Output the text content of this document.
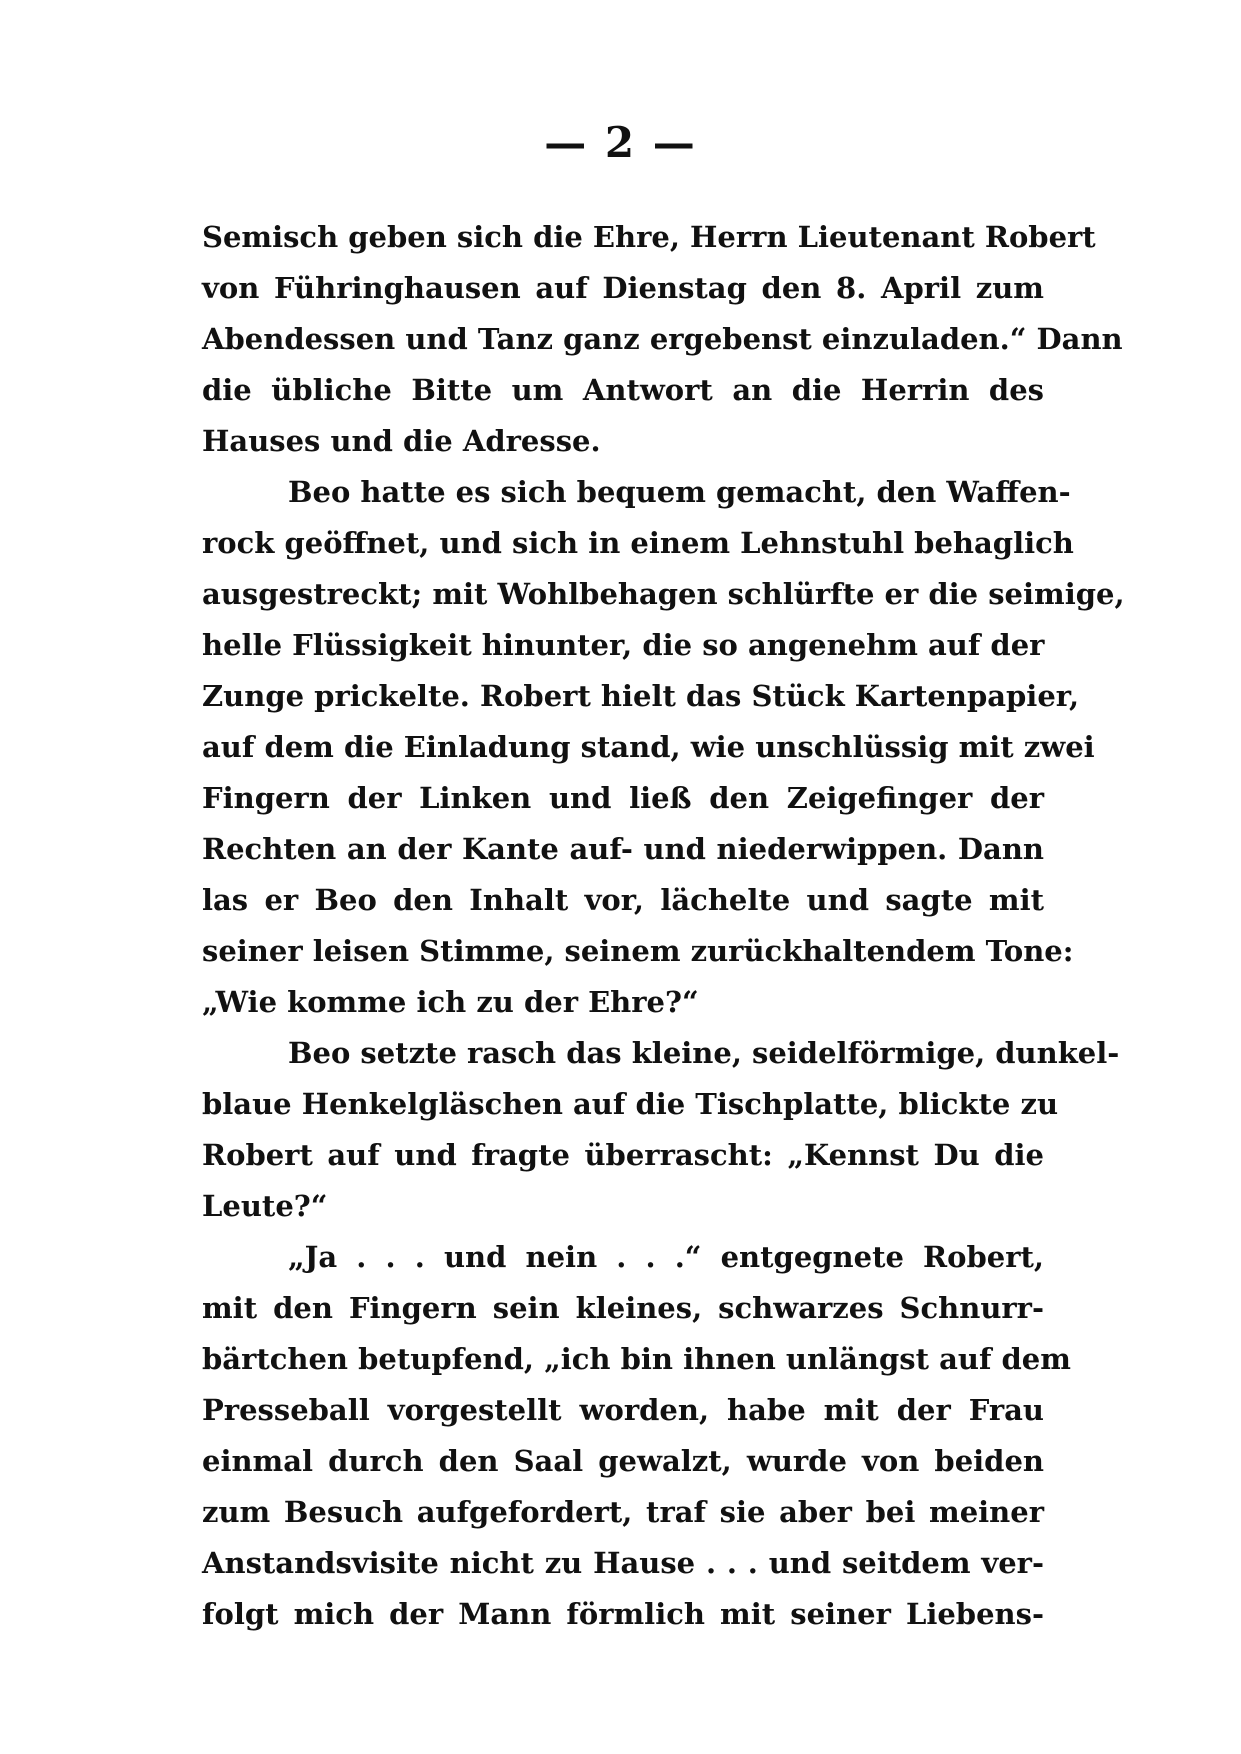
— 2 —
Semisch geben sich die Ehre, Herrn Lieutenant Robert
von Führinghausen auf Dienstag den 8. April zum
Abendessen und Tanz ganz ergebenst einzuladen.“ Dann
die übliche Bitte um Antwort an die Herrin des
Hauses und die Adresse.
Beo hatte es sich bequem gemacht, den Waffen-
rock geöffnet, und sich in einem Lehnstuhl behaglich
ausgestreckt; mit Wohlbehagen schlürfte er die seimige,
helle Flüssigkeit hinunter, die so angenehm auf der
Zunge prickelte. Robert hielt das Stück Kartenpapier,
auf dem die Einladung stand, wie unschlüssig mit zwei
Fingern der Linken und ließ den Zeigefinger der
Rechten an der Kante auf- und niederwippen. Dann
las er Beo den Inhalt vor, lächelte und sagte mit
seiner leisen Stimme, seinem zurückhaltendem Tone:
„Wie komme ich zu der Ehre?“
Beo setzte rasch das kleine, seidelförmige, dunkel-
blaue Henkelgläschen auf die Tischplatte, blickte zu
Robert auf und fragte überrascht: „Kennst Du die
Leute?“
„Ja . . . und nein . . .“ entgegnete Robert,
mit den Fingern sein kleines, schwarzes Schnurr-
bärtchen betupfend, „ich bin ihnen unlängst auf dem
Presseball vorgestellt worden, habe mit der Frau
einmal durch den Saal gewalzt, wurde von beiden
zum Besuch aufgefordert, traf sie aber bei meiner
Anstandsvisite nicht zu Hause . . . und seitdem ver-
folgt mich der Mann förmlich mit seiner Liebens-
